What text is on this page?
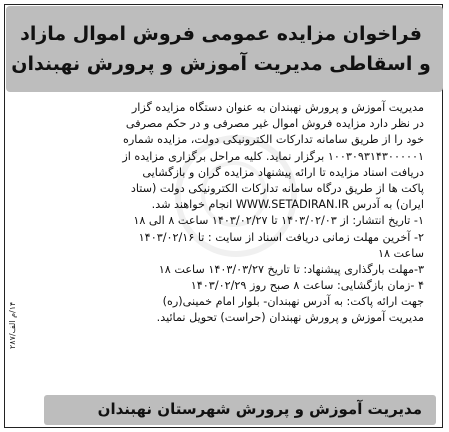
فراخوان مزایده عمومی فروش اموال مازاد
و اسقاطی مدیریت آموزش و پرورش نهبندان
مدیریت آموزش و پرورش نهبندان به عنوان دستگاه مزایده گزار
در نظر دارد مزایده فروش اموال غیر مصرفی و در حکم مصرفی
خود را از طریق سامانه تدارکات الکترونیکی دولت، مزایده شماره
۱۰۰۳۰۹۳۱۴۳۰۰۰۰۰۱ برگزار نماید. کلیه مراحل برگزاری مزایده از
دریافت اسناد مزایده تا ارائه پیشنهاد مزایده گران و بازگشایی
پاکت ها از طریق درگاه سامانه تدارکات الکترونیکی دولت (ستاد
ایران) به آدرس WWW.SETADIRAN.IR انجام خواهند شد.
۱- تاریخ انتشار: از ۱۴۰۳/۰۲/۰۳ تا ۱۴۰۳/۰۲/۲۷ ساعت ۸ الی ۱۸
۲- آخرین مهلت زمانی دریافت اسناد از سایت : تا ۱۴۰۳/۰۲/۱۶
ساعت ۱۸
۳-مهلت بارگذاری پیشنهاد: تا تاریخ ۱۴۰۳/۰۳/۲۷ ساعت ۱۸
۴ -زمان بازگشایی: ساعت ۸ صبح روز ۱۴۰۳/۰۲/۲۹
جهت ارائه پاکت: به آدرس نهبندان- بلوار امام خمینی(ره)
مدیریت آموزش و پرورش نهبندان (حراست) تحویل نمائید.
۱۴/م الف/۲۸۷
مدیریت آموزش و پرورش شهرستان نهبندان
